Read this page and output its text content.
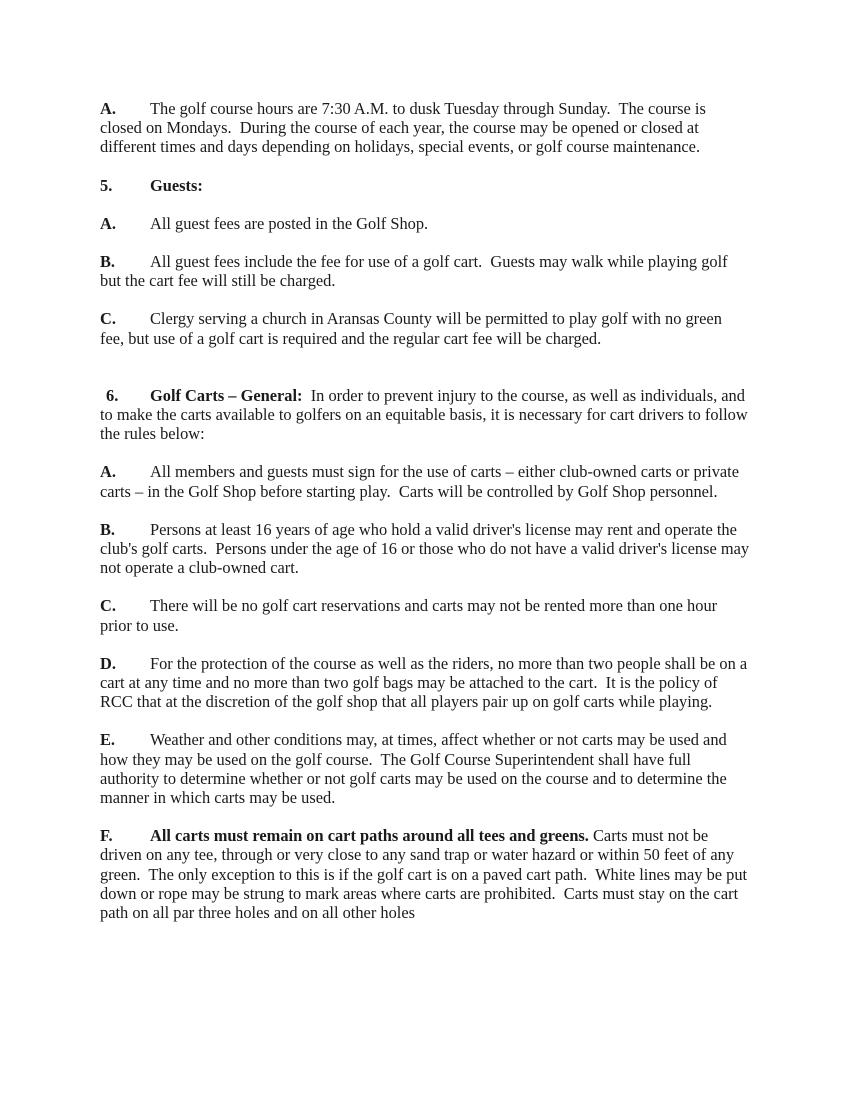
A. The golf course hours are 7:30 A.M. to dusk Tuesday through Sunday.  The course is closed on Mondays.  During the course of each year, the course may be opened or closed at different times and days depending on holidays, special events, or golf course maintenance.

5. Guests:

A. All guest fees are posted in the Golf Shop.

B. All guest fees include the fee for use of a golf cart.  Guests may walk while playing golf but the cart fee will still be charged.

C. Clergy serving a church in Aransas County will be permitted to play golf with no green fee, but use of a golf cart is required and the regular cart fee will be charged.

6. Golf Carts – General:  In order to prevent injury to the course, as well as individuals, and to make the carts available to golfers on an equitable basis, it is necessary for cart drivers to follow the rules below:

A. All members and guests must sign for the use of carts – either club-owned carts or private carts – in the Golf Shop before starting play.  Carts will be controlled by Golf Shop personnel.

B. Persons at least 16 years of age who hold a valid driver's license may rent and operate the club's golf carts.  Persons under the age of 16 or those who do not have a valid driver's license may not operate a club-owned cart.

C. There will be no golf cart reservations and carts may not be rented more than one hour prior to use.

D. For the protection of the course as well as the riders, no more than two people shall be on a cart at any time and no more than two golf bags may be attached to the cart.  It is the policy of RCC that at the discretion of the golf shop that all players pair up on golf carts while playing.

E. Weather and other conditions may, at times, affect whether or not carts may be used and how they may be used on the golf course.  The Golf Course Superintendent shall have full authority to determine whether or not golf carts may be used on the course and to determine the manner in which carts may be used.

F. All carts must remain on cart paths around all tees and greens. Carts must not be driven on any tee, through or very close to any sand trap or water hazard or within 50 feet of any green.  The only exception to this is if the golf cart is on a paved cart path.  White lines may be put down or rope may be strung to mark areas where carts are prohibited.  Carts must stay on the cart path on all par three holes and on all other holes
